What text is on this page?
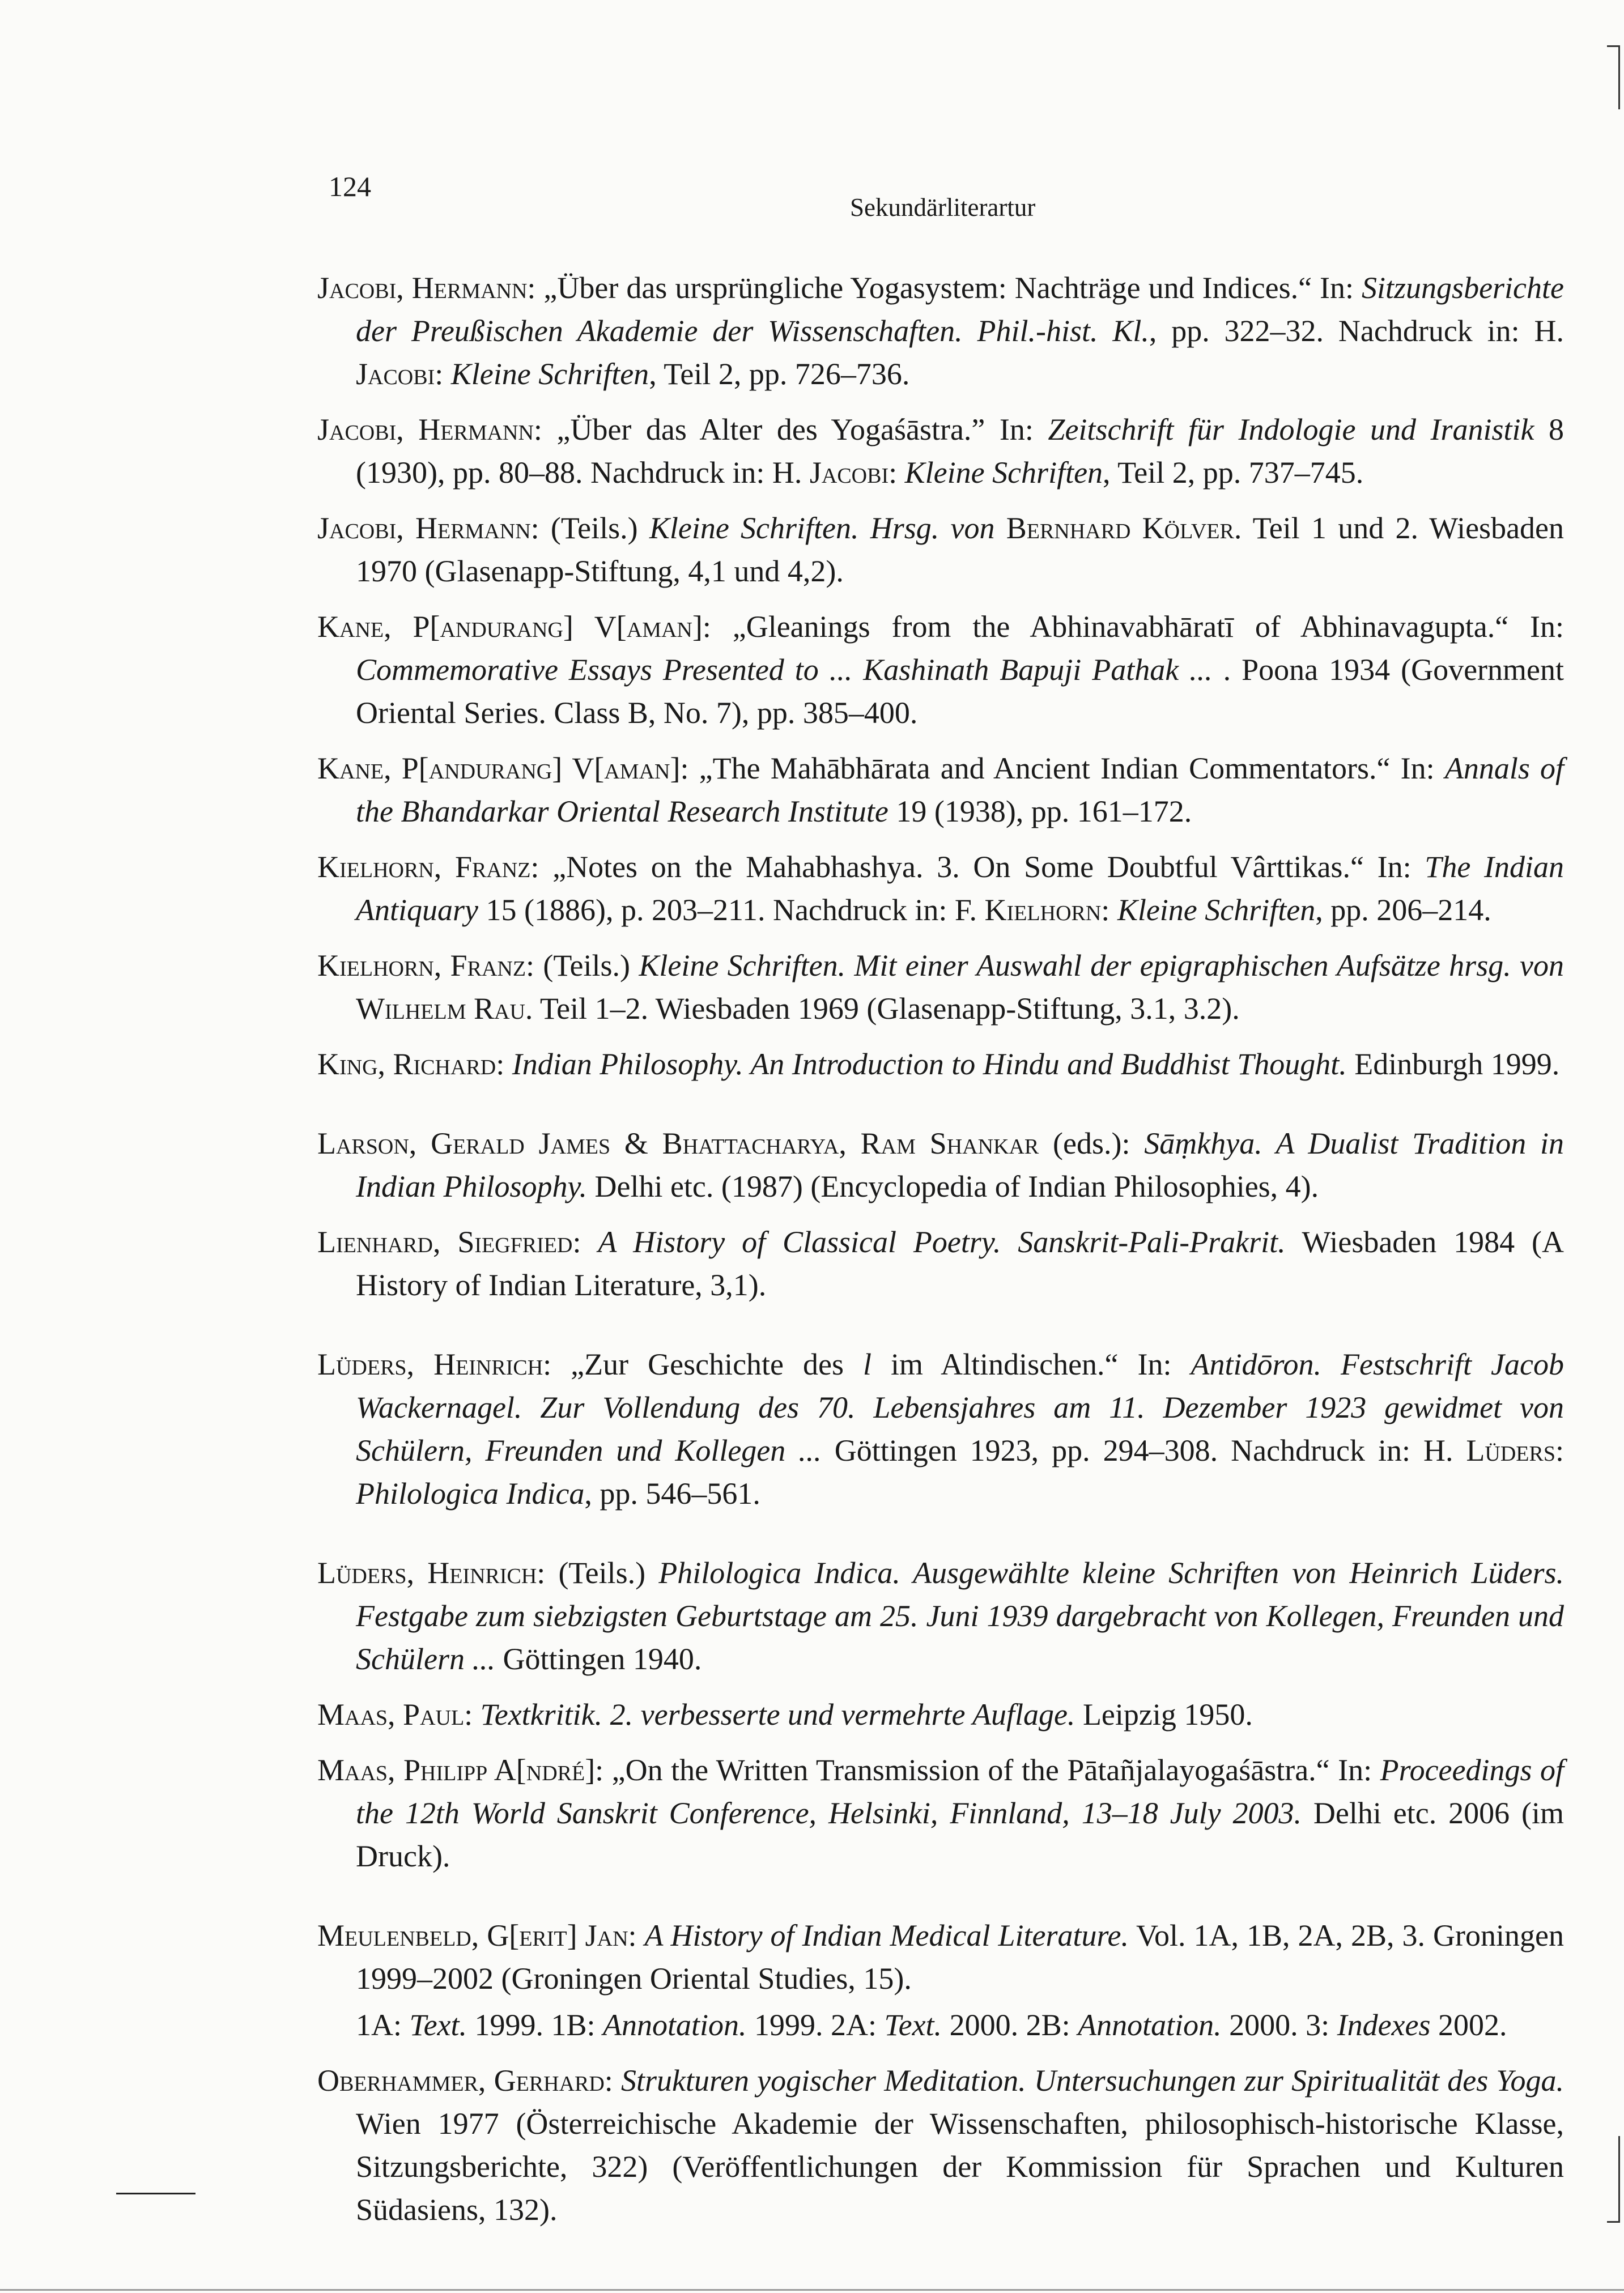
124
Sekundärliterartur

Jacobi, Hermann: „Über das ursprüngliche Yogasystem: Nachträge und Indices.“ In: Sitzungsberichte der Preußischen Akademie der Wissenschaften. Phil.-hist. Kl., pp. 322–32. Nachdruck in: H. Jacobi: Kleine Schriften, Teil 2, pp. 726–736.

Jacobi, Hermann: „Über das Alter des Yogaśāstra.” In: Zeitschrift für Indologie und Iranistik 8 (1930), pp. 80–88. Nachdruck in: H. Jacobi: Kleine Schriften, Teil 2, pp. 737–745.

Jacobi, Hermann: (Teils.) Kleine Schriften. Hrsg. von Bernhard Kölver. Teil 1 und 2. Wiesbaden 1970 (Glasenapp-Stiftung, 4,1 und 4,2).

Kane, P[andurang] V[aman]: „Gleanings from the Abhinavabhāratī of Abhinavagupta.“ In: Commemorative Essays Presented to ... Kashinath Bapuji Pathak ... . Poona 1934 (Government Oriental Series. Class B, No. 7), pp. 385–400.

Kane, P[andurang] V[aman]: „The Mahābhārata and Ancient Indian Commentators.“ In: Annals of the Bhandarkar Oriental Research Institute 19 (1938), pp. 161–172.

Kielhorn, Franz: „Notes on the Mahabhashya. 3. On Some Doubtful Vârttikas.“ In: The Indian Antiquary 15 (1886), p. 203–211. Nachdruck in: F. Kielhorn: Kleine Schriften, pp. 206–214.

Kielhorn, Franz: (Teils.) Kleine Schriften. Mit einer Auswahl der epigraphischen Aufsätze hrsg. von Wilhelm Rau. Teil 1–2. Wiesbaden 1969 (Glasenapp-Stiftung, 3.1, 3.2).

King, Richard: Indian Philosophy. An Introduction to Hindu and Buddhist Thought. Edinburgh 1999.

Larson, Gerald James & Bhattacharya, Ram Shankar (eds.): Sāṃkhya. A Dualist Tradition in Indian Philosophy. Delhi etc. (1987) (Encyclopedia of Indian Philosophies, 4).

Lienhard, Siegfried: A History of Classical Poetry. Sanskrit-Pali-Prakrit. Wiesbaden 1984 (A History of Indian Literature, 3,1).

Lüders, Heinrich: „Zur Geschichte des l im Altindischen.“ In: Antidōron. Festschrift Jacob Wackernagel. Zur Vollendung des 70. Lebensjahres am 11. Dezember 1923 gewidmet von Schülern, Freunden und Kollegen ... Göttingen 1923, pp. 294–308. Nachdruck in: H. Lüders: Philologica Indica, pp. 546–561.

Lüders, Heinrich: (Teils.) Philologica Indica. Ausgewählte kleine Schriften von Heinrich Lüders. Festgabe zum siebzigsten Geburtstage am 25. Juni 1939 dargebracht von Kollegen, Freunden und Schülern ... Göttingen 1940.

Maas, Paul: Textkritik. 2. verbesserte und vermehrte Auflage. Leipzig 1950.

Maas, Philipp A[ndré]: „On the Written Transmission of the Pātañjalayogaśāstra.“ In: Proceedings of the 12th World Sanskrit Conference, Helsinki, Finnland, 13–18 July 2003. Delhi etc. 2006 (im Druck).

Meulenbeld, G[erit] Jan: A History of Indian Medical Literature. Vol. 1A, 1B, 2A, 2B, 3. Groningen 1999–2002 (Groningen Oriental Studies, 15).

1A: Text. 1999. 1B: Annotation. 1999. 2A: Text. 2000. 2B: Annotation. 2000. 3: Indexes 2002.

Oberhammer, Gerhard: Strukturen yogischer Meditation. Untersuchungen zur Spiritualität des Yoga. Wien 1977 (Österreichische Akademie der Wissenschaften, philosophisch-historische Klasse, Sitzungsberichte, 322) (Veröffentlichungen der Kommission für Sprachen und Kulturen Südasiens, 132).
